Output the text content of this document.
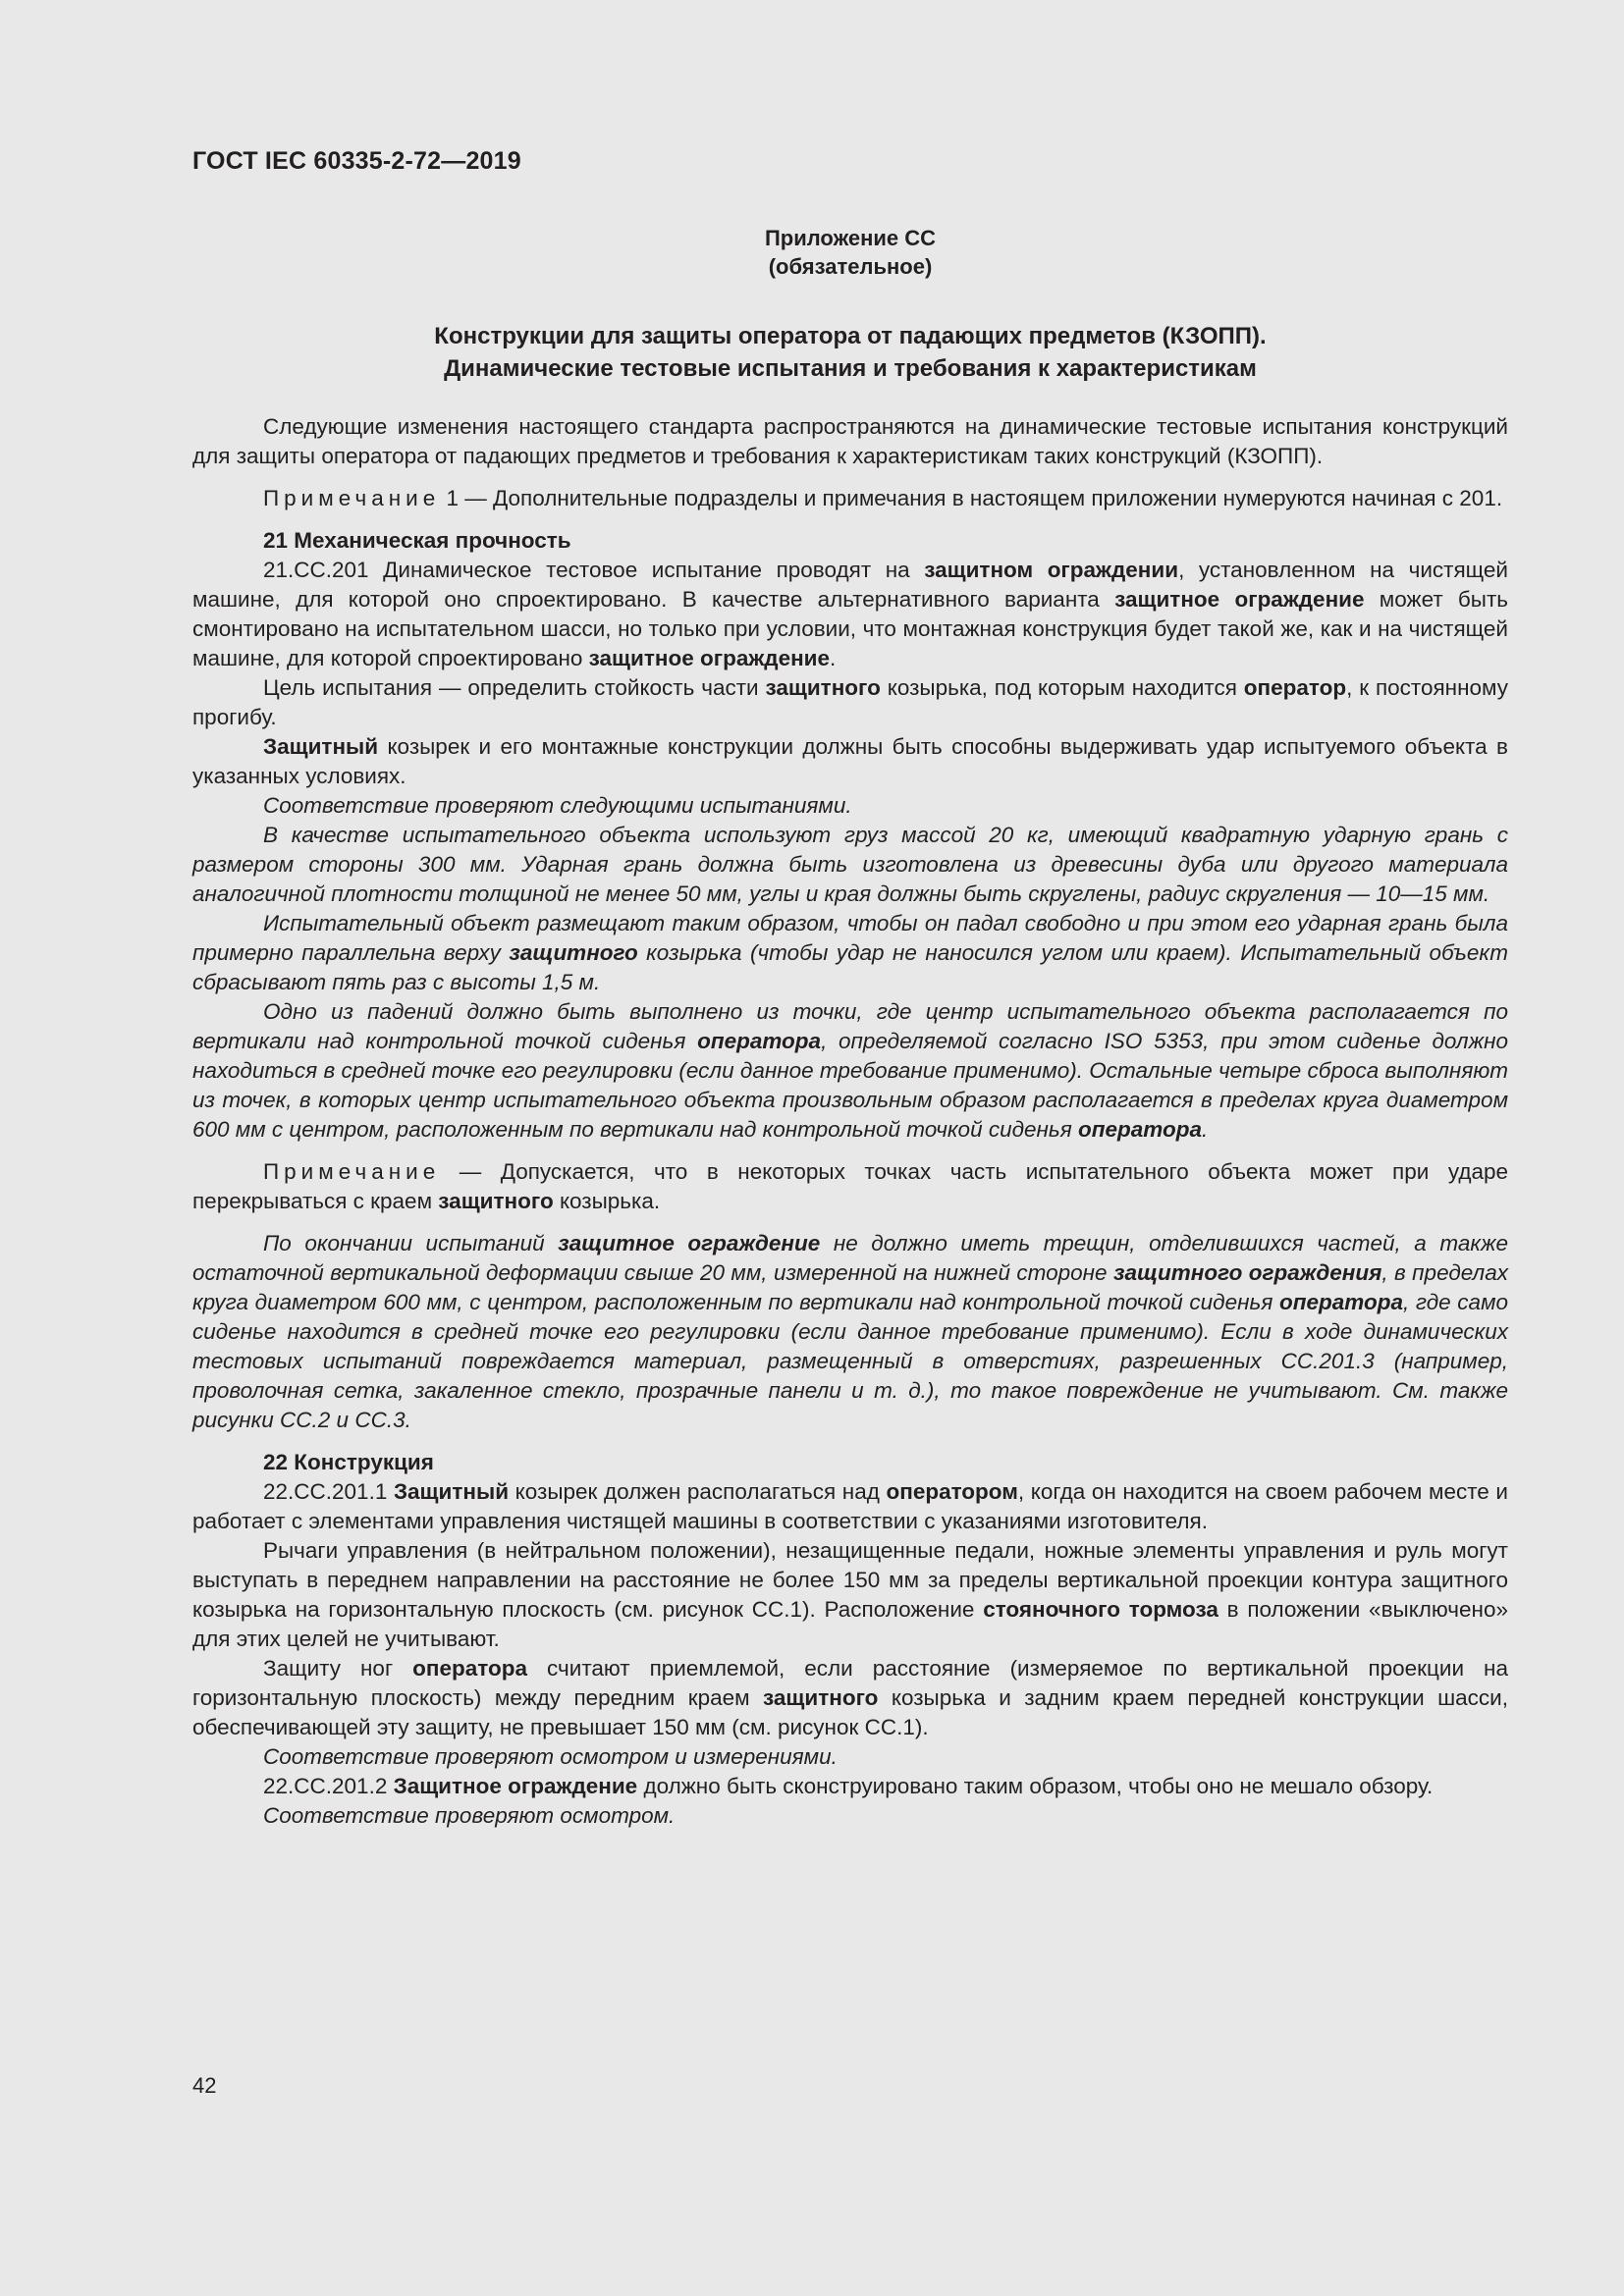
ГОСТ IEC 60335-2-72—2019
Приложение СС
(обязательное)
Конструкции для защиты оператора от падающих предметов (КЗОПП).
Динамические тестовые испытания и требования к характеристикам

Следующие изменения настоящего стандарта распространяются на динамические тестовые испытания конструкций для защиты оператора от падающих предметов и требования к характеристикам таких конструкций (КЗОПП).

Примечание 1 — Дополнительные подразделы и примечания в настоящем приложении нумеруются начиная с 201.

21 Механическая прочность

21.CC.201 Динамическое тестовое испытание проводят на защитном ограждении, установленном на чистящей машине, для которой оно спроектировано. В качестве альтернативного варианта защитное ограждение может быть смонтировано на испытательном шасси, но только при условии, что монтажная конструкция будет такой же, как и на чистящей машине, для которой спроектировано защитное ограждение.

Цель испытания — определить стойкость части защитного козырька, под которым находится оператор, к постоянному прогибу.

Защитный козырек и его монтажные конструкции должны быть способны выдерживать удар испытуемого объекта в указанных условиях.

Соответствие проверяют следующими испытаниями.

В качестве испытательного объекта используют груз массой 20 кг, имеющий квадратную ударную грань с размером стороны 300 мм. Ударная грань должна быть изготовлена из древесины дуба или другого материала аналогичной плотности толщиной не менее 50 мм, углы и края должны быть скруглены, радиус скругления — 10—15 мм.

Испытательный объект размещают таким образом, чтобы он падал свободно и при этом его ударная грань была примерно параллельна верху защитного козырька (чтобы удар не наносился углом или краем). Испытательный объект сбрасывают пять раз с высоты 1,5 м.

Одно из падений должно быть выполнено из точки, где центр испытательного объекта располагается по вертикали над контрольной точкой сиденья оператора, определяемой согласно ISO 5353, при этом сиденье должно находиться в средней точке его регулировки (если данное требование применимо). Остальные четыре сброса выполняют из точек, в которых центр испытательного объекта произвольным образом располагается в пределах круга диаметром 600 мм с центром, расположенным по вертикали над контрольной точкой сиденья оператора.

Примечание — Допускается, что в некоторых точках часть испытательного объекта может при ударе перекрываться с краем защитного козырька.

По окончании испытаний защитное ограждение не должно иметь трещин, отделившихся частей, а также остаточной вертикальной деформации свыше 20 мм, измеренной на нижней стороне защитного ограждения, в пределах круга диаметром 600 мм, с центром, расположенным по вертикали над контрольной точкой сиденья оператора, где само сиденье находится в средней точке его регулировки (если данное требование применимо). Если в ходе динамических тестовых испытаний повреждается материал, размещенный в отверстиях, разрешенных CC.201.3 (например, проволочная сетка, закаленное стекло, прозрачные панели и т. д.), то такое повреждение не учитывают. См. также рисунки CC.2 и CC.3.

22 Конструкция

22.CC.201.1 Защитный козырек должен располагаться над оператором, когда он находится на своем рабочем месте и работает с элементами управления чистящей машины в соответствии с указаниями изготовителя.

Рычаги управления (в нейтральном положении), незащищенные педали, ножные элементы управления и руль могут выступать в переднем направлении на расстояние не более 150 мм за пределы вертикальной проекции контура защитного козырька на горизонтальную плоскость (см. рисунок CC.1). Расположение стояночного тормоза в положении «выключено» для этих целей не учитывают.

Защиту ног оператора считают приемлемой, если расстояние (измеряемое по вертикальной проекции на горизонтальную плоскость) между передним краем защитного козырька и задним краем передней конструкции шасси, обеспечивающей эту защиту, не превышает 150 мм (см. рисунок CC.1).

Соответствие проверяют осмотром и измерениями.

22.CC.201.2 Защитное ограждение должно быть сконструировано таким образом, чтобы оно не мешало обзору.

Соответствие проверяют осмотром.

42
